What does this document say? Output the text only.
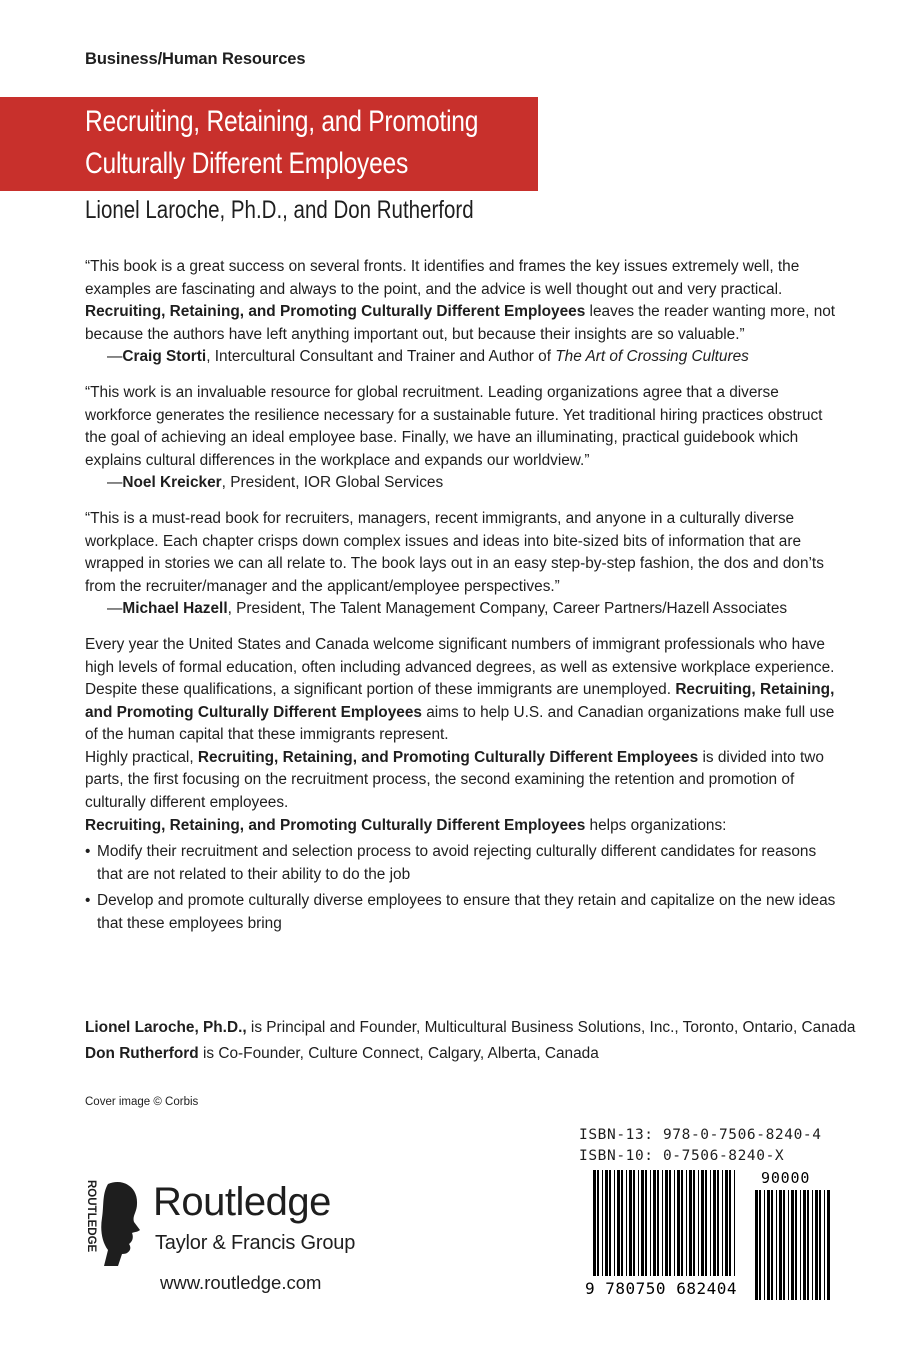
Business/Human Resources
Recruiting, Retaining, and Promoting
Culturally Different Employees
Lionel Laroche, Ph.D., and Don Rutherford

“This book is a great success on several fronts. It identifies and frames the key issues extremely well, the examples are fascinating and always to the point, and the advice is well thought out and very practical. Recruiting, Retaining, and Promoting Culturally Different Employees leaves the reader wanting more, not because the authors have left anything important out, but because their insights are so valuable.”

—Craig Storti, Intercultural Consultant and Trainer and Author of The Art of Crossing Cultures

“This work is an invaluable resource for global recruitment. Leading organizations agree that a diverse workforce generates the resilience necessary for a sustainable future. Yet traditional hiring practices obstruct the goal of achieving an ideal employee base. Finally, we have an illuminating, practical guidebook which explains cultural differences in the workplace and expands our worldview.”

—Noel Kreicker, President, IOR Global Services

“This is a must-read book for recruiters, managers, recent immigrants, and anyone in a culturally diverse workplace. Each chapter crisps down complex issues and ideas into bite-sized bits of information that are wrapped in stories we can all relate to. The book lays out in an easy step-by-step fashion, the dos and don’ts from the recruiter/manager and the applicant/employee perspectives.”

—Michael Hazell, President, The Talent Management Company, Career Partners/Hazell Associates

Every year the United States and Canada welcome significant numbers of immigrant professionals who have high levels of formal education, often including advanced degrees, as well as extensive workplace experience. Despite these qualifications, a significant portion of these immigrants are unemployed. Recruiting, Retaining, and Promoting Culturally Different Employees aims to help U.S. and Canadian organizations make full use of the human capital that these immigrants represent.

Highly practical, Recruiting, Retaining, and Promoting Culturally Different Employees is divided into two parts, the first focusing on the recruitment process, the second examining the retention and promotion of culturally different employees.

Recruiting, Retaining, and Promoting Culturally Different Employees helps organizations:

• Modify their recruitment and selection process to avoid rejecting culturally different candidates for reasons that are not related to their ability to do the job
• Develop and promote culturally diverse employees to ensure that they retain and capitalize on the new ideas that these employees bring

Lionel Laroche, Ph.D., is Principal and Founder, Multicultural Business Solutions, Inc., Toronto, Ontario, Canada

Don Rutherford is Co-Founder, Culture Connect, Calgary, Alberta, Canada

Cover image © Corbis
ISBN-13: 978-0-7506-8240-4
ISBN-10: 0-7506-8240-X
9 780750 682404
90000
ROUTLEDGE Routledge
Taylor & Francis Group
www.routledge.com
